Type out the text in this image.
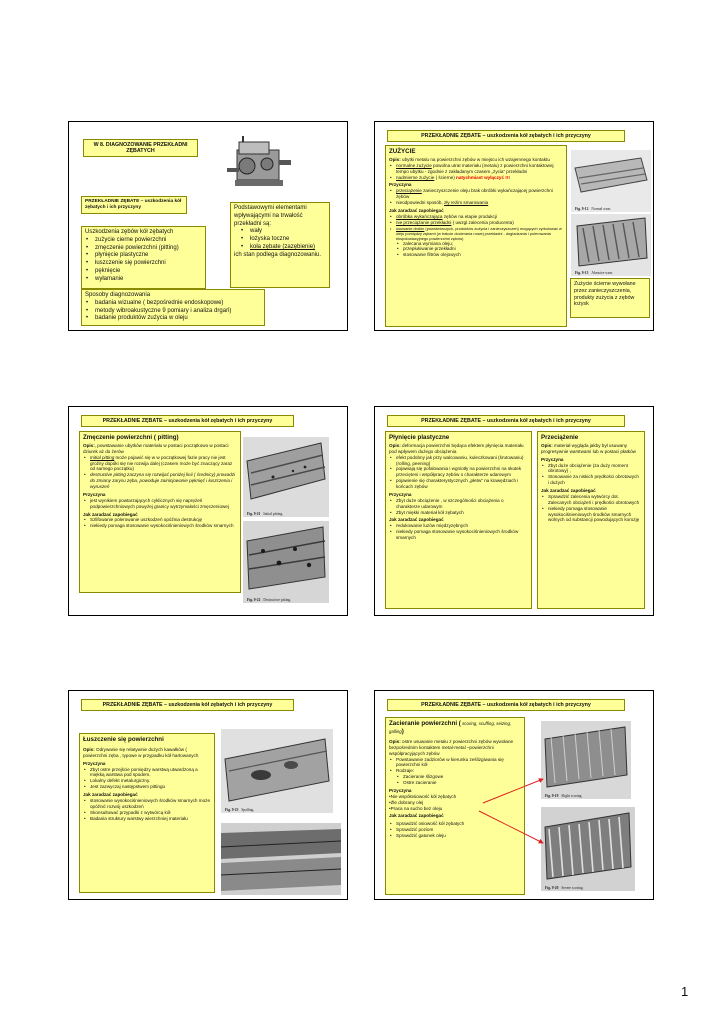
W 8. DIAGNOZOWANIE PRZEKŁADNI ZĘBATYCH
PRZEKŁADNIE ZĘBATE – uszkodzenia kół zębatych i ich przyczyny
Uszkodzenia zębów kół zębatych
• zużycie cierne powierzchni
• zmęczenie powierzchni (pitting)
• płynięcie plastyczne
• łuszczenie się powierzchni
• pęknięcie
• wyłamanie
Podstawowymi elementami wpływającymi na trwałość przekładni są:
• wały
• łożyska toczne
• koła zębate (zazębienie)
ich stan podlega diagnozowaniu.
Sposoby diagnozowania
• badania wizualne ( bezpośrednie endoskopowe)
• metody wibroakustyczne 9 pomiary i analiza drgań)
• badanie produktów zużycia w oleju
PRZEKŁADNIE ZĘBATE – uszkodzenia kół zębatych i ich przyczyny
ZUŻYCIE
Opis: ubytki metalu na powierzchni zębów w miejscu ich wzajemnego kontaktu
• normalne zużycie powolna utrat materiału (metalu) z powierzchni kontaktowej tempo ubytku - zgodnie z zakładanym czasem „życia” przekładni
• nadmierne zużycie ( ścierne) natychmiast wyłączyć !!!
Przyczyna
• przeciążenie zanieczyszczenie oleju brak obróbki wykańczającej powierzchni zębów
• nieodpowiedni sposób, zły reżim smarowania
Jak zaradzać zapobiegać
• obróbka wykańczająca zębów na etapie produkcji
• nie przeciążanie przekładni ( uwzgl.zalecenia producenta)
• usuwanie drobin (powstwórczych, produktów zużycia i zanieczyszczeń) mogących cyrkulować w oleju pomiędzy zębami (w trakcie docierania nowej przekładni - dogladzania i polerowania ekspoloatacyjnego powierzchni zębów)
• zalecana wymiana oleju;
• przepłukiwanie przekładni
• stosowanie filtrów olejowych
Fig. 9-12 Normal wear.
Fig. 9-13 Abrasive wear.
Zużycie ścierne wywołane przez zanieczyszczenia, produkty zużycia z zębów łożysk
PRZEKŁADNIE ZĘBATE – uszkodzenia kół zębatych i ich przyczyny
Zmęczenie powierzchni ( pitting)
Opis:, powstawanie ubytków materiału w postaci początkowo w postaci dziurek aż do żerów
• Initial pitting może pojawić się w w początkowej fazie pracy nie jest groźny dopóki się nie rozwija dalej (czasem może być znaczący zaraz od samego początku)
• destructive pitting zaczyna się rozwijać poniżej linii ( średnicy) prowadzi do zmiany zarysu zęba, powoduje zainicjowanie pęknięć i łuszczenia i wyruszeń
Przyczyna
• jest wynikiem powtarzających cyklicznych się naprężeń podpowierzchniowych powyżej granicy wytrzymałości zmęczeniowej
Jak zaradzać zapobiegać
• Szlifowanie polerowanie uszkodzeń opóźnia destrukcję
• niekiedy pomaga stosowanie wysokociśnieniowych środków smarnych
Fig. 9-21 Initial pitting.
Fig. 9-22 Destructive pitting.
PRZEKŁADNIE ZĘBATE – uszkodzenia kół zębatych i ich przyczyny
Płynięcie plastyczne
Opis: deformacja powierzchni będąca efektem płynięcia materiału pod wpływem dużego obciążenia
• efekt podobny jak przy walcowaniu, kuleczkowani (śrutowaniu) (rolling, peening)
• pojawiają się pofalowania i wgniotły na powierzchni na skutek przecięteni i współpracy zębów o charakterze udarowym
• pojawienie się charakterystycznych „płetw” na krawędziach i końcach zębów
Przyczyna
• Zbyt duże obciążenie , w szczególności obciążenia o charakterze udarowym
• Zbyt miękki materiał kół zębatych
Jak zaradzać zapobiegać
• redukowanie luzów międzyzębnych
• niekiedy pomaga stosowanie wysokociśnieniowych środków smarnych
Przeciążenie
Opis: materiał wygląda jakby był usuwany progresywnie warstwami lub w postaci płatków
Przyczyna
• Zbyt duże obciążenie (za duży moment obrotowy) ,
• Stosowanie za niskich prędkości obrotowych i dużych
Jak zaradzać zapobiegać
• Sprawdzić zalecenia wytwórcy dot. Zalecanych obciążeń i prędkości obrotowych
• niekiedy pomaga stosowanie wysokociśnieniowych środków smarnych wolnych od substancji powodujących korozję
PRZEKŁADNIE ZĘBATE – uszkodzenia kół zębatych i ich przyczyny
Łuszczenie się powierzchni
Opis: Odrywanie się relatywnie dużych kawałków ( powierzchni zęba , typowe w przypadku kół hartowanych
Przyczyna
• Zbyt ostre przejście pomiędzy warstwą utwardzoną a miękką warstwa pod spodem.
• Lokalny defekt metalurgiczny.
• Jest zazwyczaj następstwem pittingu
Jak zaradzać zapobiegać
• stosowanie wysokociśnieniowych środków smarnych może opóźnić rozwój uszkodzeń
• Skonsultować przypadki z wytwórcą kół
• Badania struktury warstwy wierzchniej materiału
Fig. 9-23 Spalling.
PRZEKŁADNIE ZĘBATE – uszkodzenia kół zębatych i ich przyczyny
Zacieranie powierzchni ( scoring, scuffing, seizing, galling)
Opis: ostre usuwanie metalu z powierzchni zębów wywołane bezpośrednim kontaktem metal-metal –powierzchni współpracyjących zębów
• Powstawanie zadziorów w kierunku ześlizgiwania się powierzchni kół
• Rodzaje:
• Zacieranie ślizgowe
• Ostre zacieranie
Przyczyna
•Nie współosiowość kół zębatych
•Źle dobrany olej
•Praca na sucho bez oleju
Jak zaradzać zapobiegać
• Sprawdzić osiowość kół zębatych
• Sprawdzić poziom
• Sprawdzić gatunek oleju
Fig. 9-19 Slight scoring.
Fig. 9-20 Severe scoring.
1
